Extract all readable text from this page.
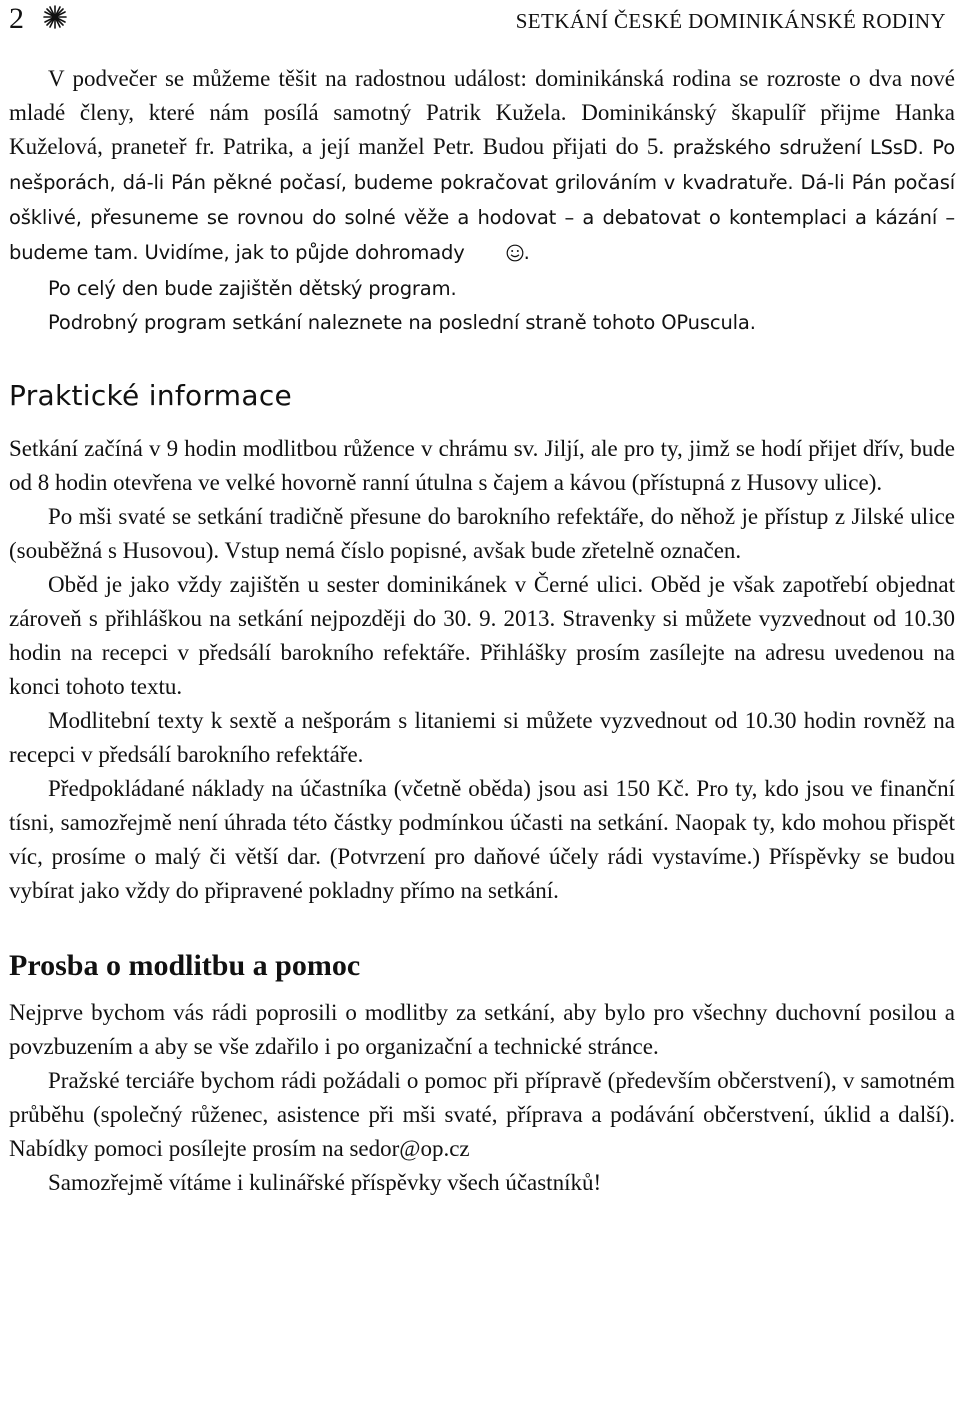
2	SETKÁNÍ ČESKÉ DOMINIKÁNSKÉ RODINY

V podvečer se můžeme těšit na radostnou událost: dominikánská rodina se rozroste o dva nové mladé členy, které nám posílá samotný Patrik Kužela. Dominikánský škapulíř přijme Hanka Kuželová, praneteř fr. Patrika, a její manžel Petr. Budou přijati do 5. pražského sdružení LSsD. Po nešporách, dá-li Pán pěkné počasí, budeme pokračovat grilováním v kvadratuře. Dá-li Pán počasí ošklivé, přesuneme se rovnou do solné věže a hodovat – a debatovat o kontemplaci a kázání – budeme tam. Uvidíme, jak to půjde dohromady	.

Po celý den bude zajištěn dětský program.

Podrobný program setkání naleznete na poslední straně tohoto OPuscula.

Praktické informace

Setkání začíná v 9 hodin modlitbou růžence v chrámu sv. Jiljí, ale pro ty, jimž se hodí přijet dřív, bude od 8 hodin otevřena ve velké hovorně ranní útulna s čajem a kávou (přístupná z Husovy ulice).

Po mši svaté se setkání tradičně přesune do barokního refektáře, do něhož je přístup z Jilské ulice (souběžná s Husovou). Vstup nemá číslo popisné, avšak bude zřetelně označen.

Oběd je jako vždy zajištěn u sester dominikánek v Černé ulici. Oběd je však zapotřebí objednat zároveň s přihláškou na setkání nejpozději do 30. 9. 2013. Stravenky si můžete vyzvednout od 10.30 hodin na recepci v předsálí barokního refektáře. Přihlášky prosím zasílejte na adresu uvedenou na konci tohoto textu.

Modlitební texty k sextě a nešporám s litaniemi si můžete vyzvednout od 10.30 hodin rovněž na recepci v předsálí barokního refektáře.

Předpokládané náklady na účastníka (včetně oběda) jsou asi 150 Kč. Pro ty, kdo jsou ve finanční tísni, samozřejmě není úhrada této částky podmínkou účasti na setkání. Naopak ty, kdo mohou přispět víc, prosíme o malý či větší dar. (Potvrzení pro daňové účely rádi vystavíme.) Příspěvky se budou vybírat jako vždy do připravené pokladny přímo na setkání.

Prosba o modlitbu a pomoc

Nejprve bychom vás rádi poprosili o modlitby za setkání, aby bylo pro všechny duchovní posilou a povzbuzením a aby se vše zdařilo i po organizační a technické stránce.

Pražské terciáře bychom rádi požádali o pomoc při přípravě (především občerstvení), v samotném průběhu (společný růženec, asistence při mši svaté, příprava a podávání občerstvení, úklid a další). Nabídky pomoci posílejte prosím na sedor@op.cz

Samozřejmě vítáme i kulinářské příspěvky všech účastníků!
